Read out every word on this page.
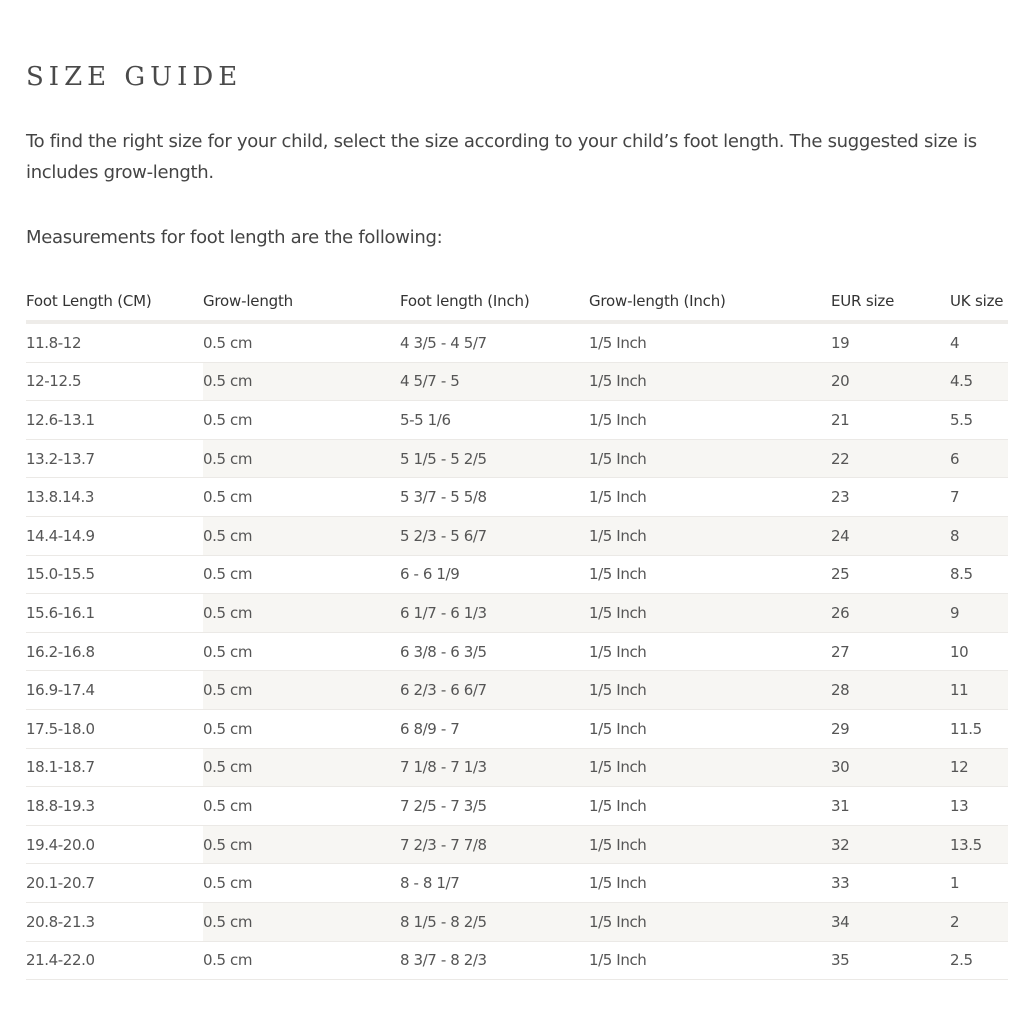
SIZE GUIDE

To find the right size for your child, select the size according to your child’s foot length. The suggested size is includes grow-length.

Measurements for foot length are the following:

Foot Length (CM)	Grow-length	Foot length (Inch)	Grow-length (Inch)	EUR size	UK size
11.8-12	0.5 cm	4 3/5 - 4 5/7	1/5 Inch	19	4
12-12.5	0.5 cm	4 5/7 - 5	1/5 Inch	20	4.5
12.6-13.1	0.5 cm	5-5 1/6	1/5 Inch	21	5.5
13.2-13.7	0.5 cm	5 1/5 - 5 2/5	1/5 Inch	22	6
13.8.14.3	0.5 cm	5 3/7 - 5 5/8	1/5 Inch	23	7
14.4-14.9	0.5 cm	5 2/3 - 5 6/7	1/5 Inch	24	8
15.0-15.5	0.5 cm	6 - 6 1/9	1/5 Inch	25	8.5
15.6-16.1	0.5 cm	6 1/7 - 6 1/3	1/5 Inch	26	9
16.2-16.8	0.5 cm	6 3/8 - 6 3/5	1/5 Inch	27	10
16.9-17.4	0.5 cm	6 2/3 - 6 6/7	1/5 Inch	28	11
17.5-18.0	0.5 cm	6 8/9 - 7	1/5 Inch	29	11.5
18.1-18.7	0.5 cm	7 1/8 - 7 1/3	1/5 Inch	30	12
18.8-19.3	0.5 cm	7 2/5 - 7 3/5	1/5 Inch	31	13
19.4-20.0	0.5 cm	7 2/3 - 7 7/8	1/5 Inch	32	13.5
20.1-20.7	0.5 cm	8 - 8 1/7	1/5 Inch	33	1
20.8-21.3	0.5 cm	8 1/5 - 8 2/5	1/5 Inch	34	2
21.4-22.0	0.5 cm	8 3/7 - 8 2/3	1/5 Inch	35	2.5
